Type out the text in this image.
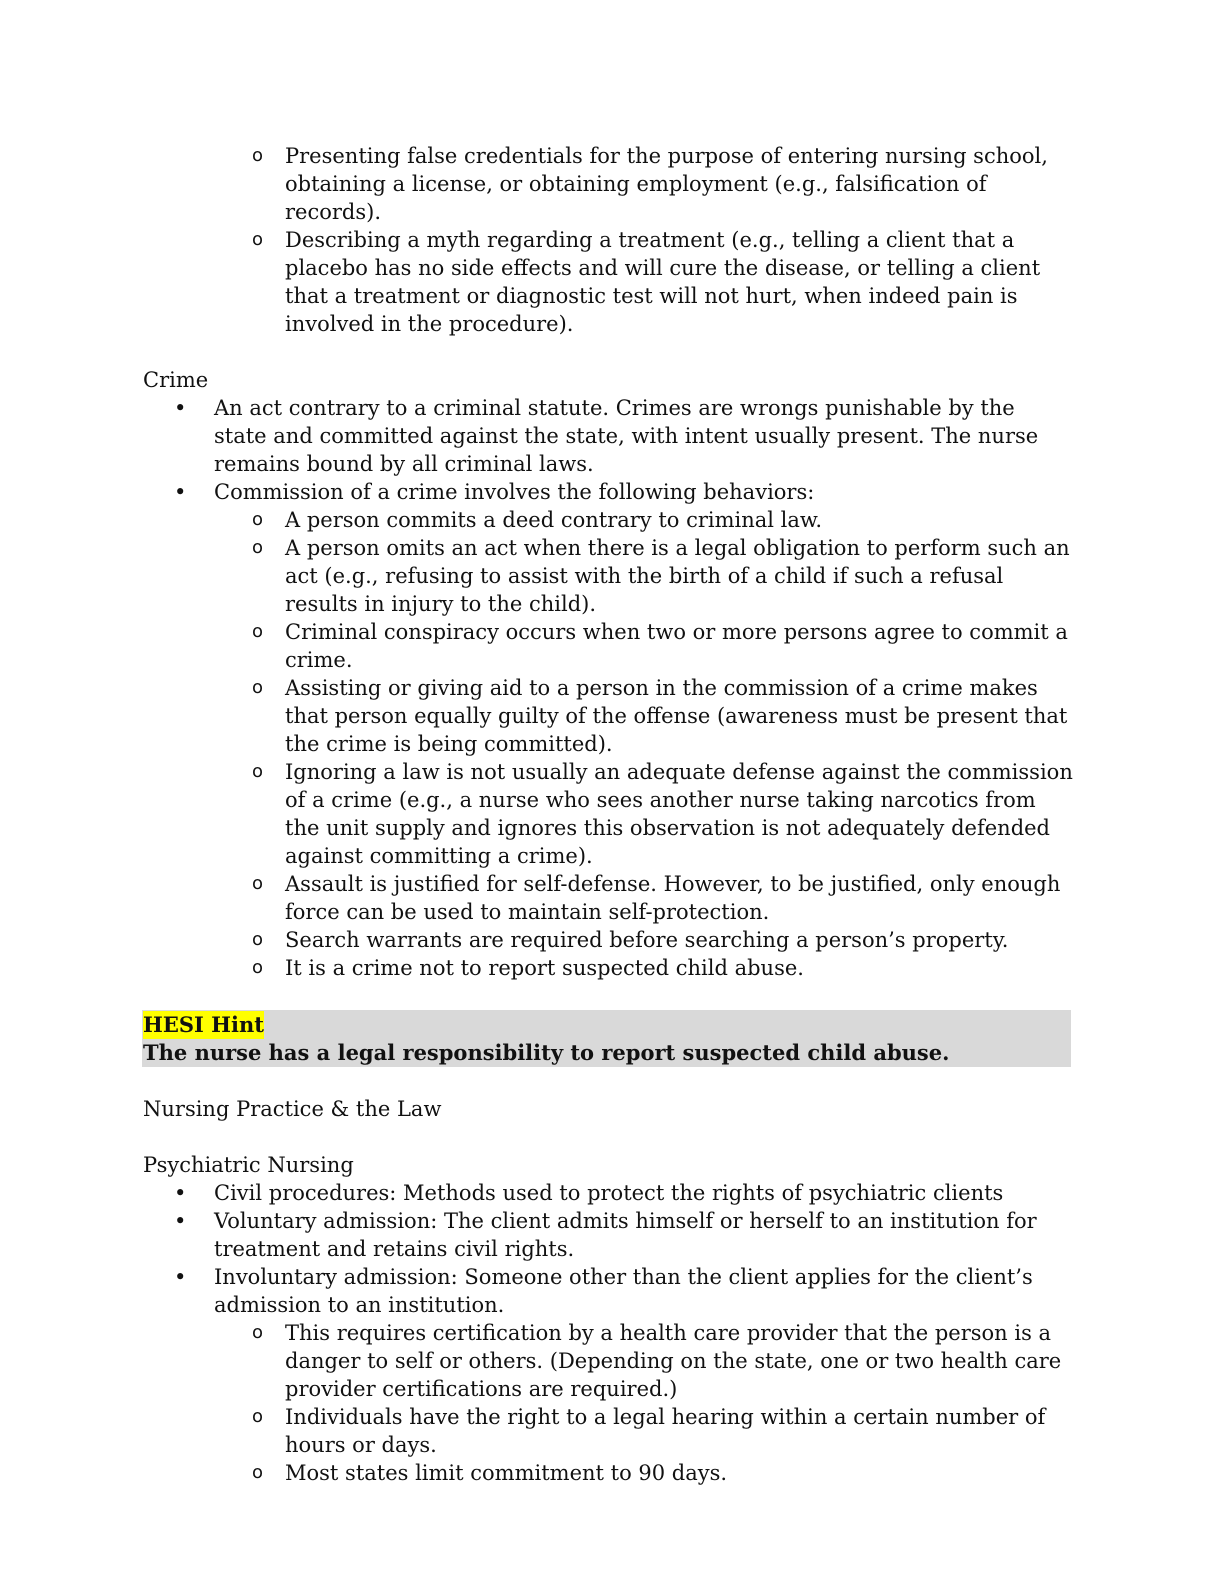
o Presenting false credentials for the purpose of entering nursing school, obtaining a license, or obtaining employment (e.g., falsification of records).
o Describing a myth regarding a treatment (e.g., telling a client that a placebo has no side effects and will cure the disease, or telling a client that a treatment or diagnostic test will not hurt, when indeed pain is involved in the procedure).
Crime
• An act contrary to a criminal statute. Crimes are wrongs punishable by the state and committed against the state, with intent usually present. The nurse remains bound by all criminal laws.
• Commission of a crime involves the following behaviors:
o A person commits a deed contrary to criminal law.
o A person omits an act when there is a legal obligation to perform such an act (e.g., refusing to assist with the birth of a child if such a refusal results in injury to the child).
o Criminal conspiracy occurs when two or more persons agree to commit a crime.
o Assisting or giving aid to a person in the commission of a crime makes that person equally guilty of the offense (awareness must be present that the crime is being committed).
o Ignoring a law is not usually an adequate defense against the commission of a crime (e.g., a nurse who sees another nurse taking narcotics from the unit supply and ignores this observation is not adequately defended against committing a crime).
o Assault is justified for self-defense. However, to be justified, only enough force can be used to maintain self-protection.
o Search warrants are required before searching a person’s property.
o It is a crime not to report suspected child abuse.
HESI Hint
The nurse has a legal responsibility to report suspected child abuse.
Nursing Practice & the Law
Psychiatric Nursing
• Civil procedures: Methods used to protect the rights of psychiatric clients
• Voluntary admission: The client admits himself or herself to an institution for treatment and retains civil rights.
• Involuntary admission: Someone other than the client applies for the client’s admission to an institution.
o This requires certification by a health care provider that the person is a danger to self or others. (Depending on the state, one or two health care provider certifications are required.)
o Individuals have the right to a legal hearing within a certain number of hours or days.
o Most states limit commitment to 90 days.
